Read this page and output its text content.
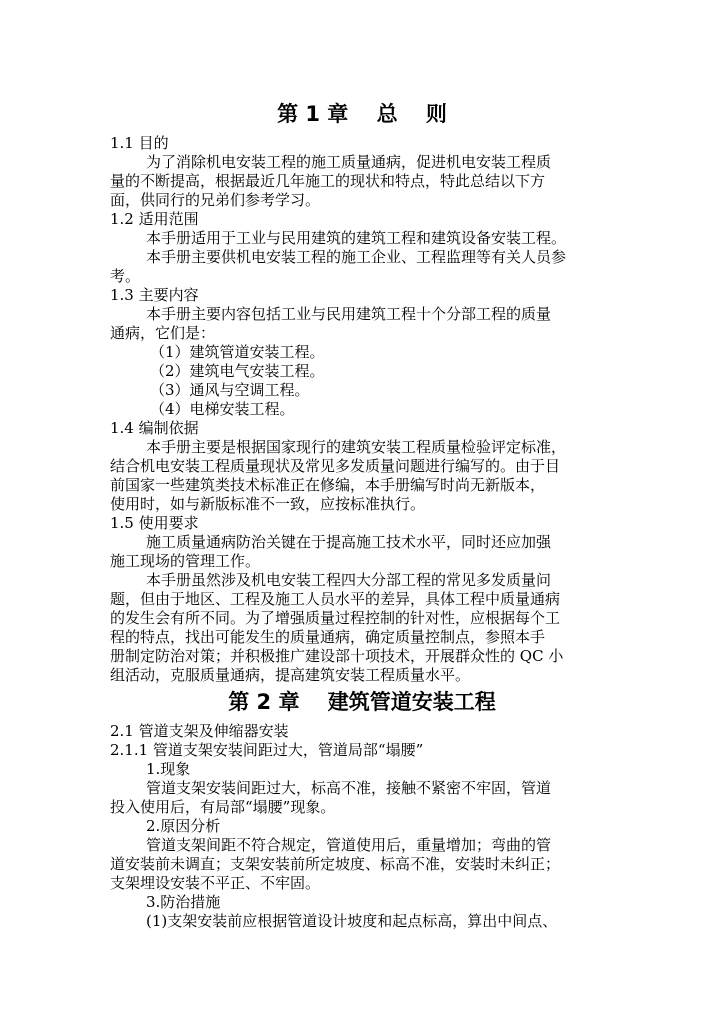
第 1 章　 总　 则
1.1 目的
为了消除机电安装工程的施工质量通病，促进机电安装工程质
量的不断提高，根据最近几年施工的现状和特点，特此总结以下方
面，供同行的兄弟们参考学习。
1.2 适用范围
本手册适用于工业与民用建筑的建筑工程和建筑设备安装工程。
本手册主要供机电安装工程的施工企业、工程监理等有关人员参
考。
1.3 主要内容
本手册主要内容包括工业与民用建筑工程十个分部工程的质量
通病，它们是：
（1）建筑管道安装工程。
（2）建筑电气安装工程。
（3）通风与空调工程。
（4）电梯安装工程。
1.4 编制依据
本手册主要是根据国家现行的建筑安装工程质量检验评定标准，
结合机电安装工程质量现状及常见多发质量问题进行编写的。由于目
前国家一些建筑类技术标准正在修编，本手册编写时尚无新版本，
使用时，如与新版标准不一致，应按标准执行。
1.5 使用要求
施工质量通病防治关键在于提高施工技术水平，同时还应加强
施工现场的管理工作。
本手册虽然涉及机电安装工程四大分部工程的常见多发质量问
题，但由于地区、工程及施工人员水平的差异，具体工程中质量通病
的发生会有所不同。为了增强质量过程控制的针对性，应根据每个工
程的特点，找出可能发生的质量通病，确定质量控制点，参照本手
册制定防治对策；并积极推广建设部十项技术，开展群众性的 QC 小
组活动，克服质量通病，提高建筑安装工程质量水平。
第 2 章　 建筑管道安装工程
2.1 管道支架及伸缩器安装
2.1.1 管道支架安装间距过大，管道局部“塌腰”
1.现象
管道支架安装间距过大，标高不准，接触不紧密不牢固，管道
投入使用后，有局部“塌腰”现象。
2.原因分析
管道支架间距不符合规定，管道使用后，重量增加；弯曲的管
道安装前未调直；支架安装前所定坡度、标高不准，安装时未纠正；
支架埋设安装不平正、不牢固。
3.防治措施
(1)支架安装前应根据管道设计坡度和起点标高，算出中间点、
